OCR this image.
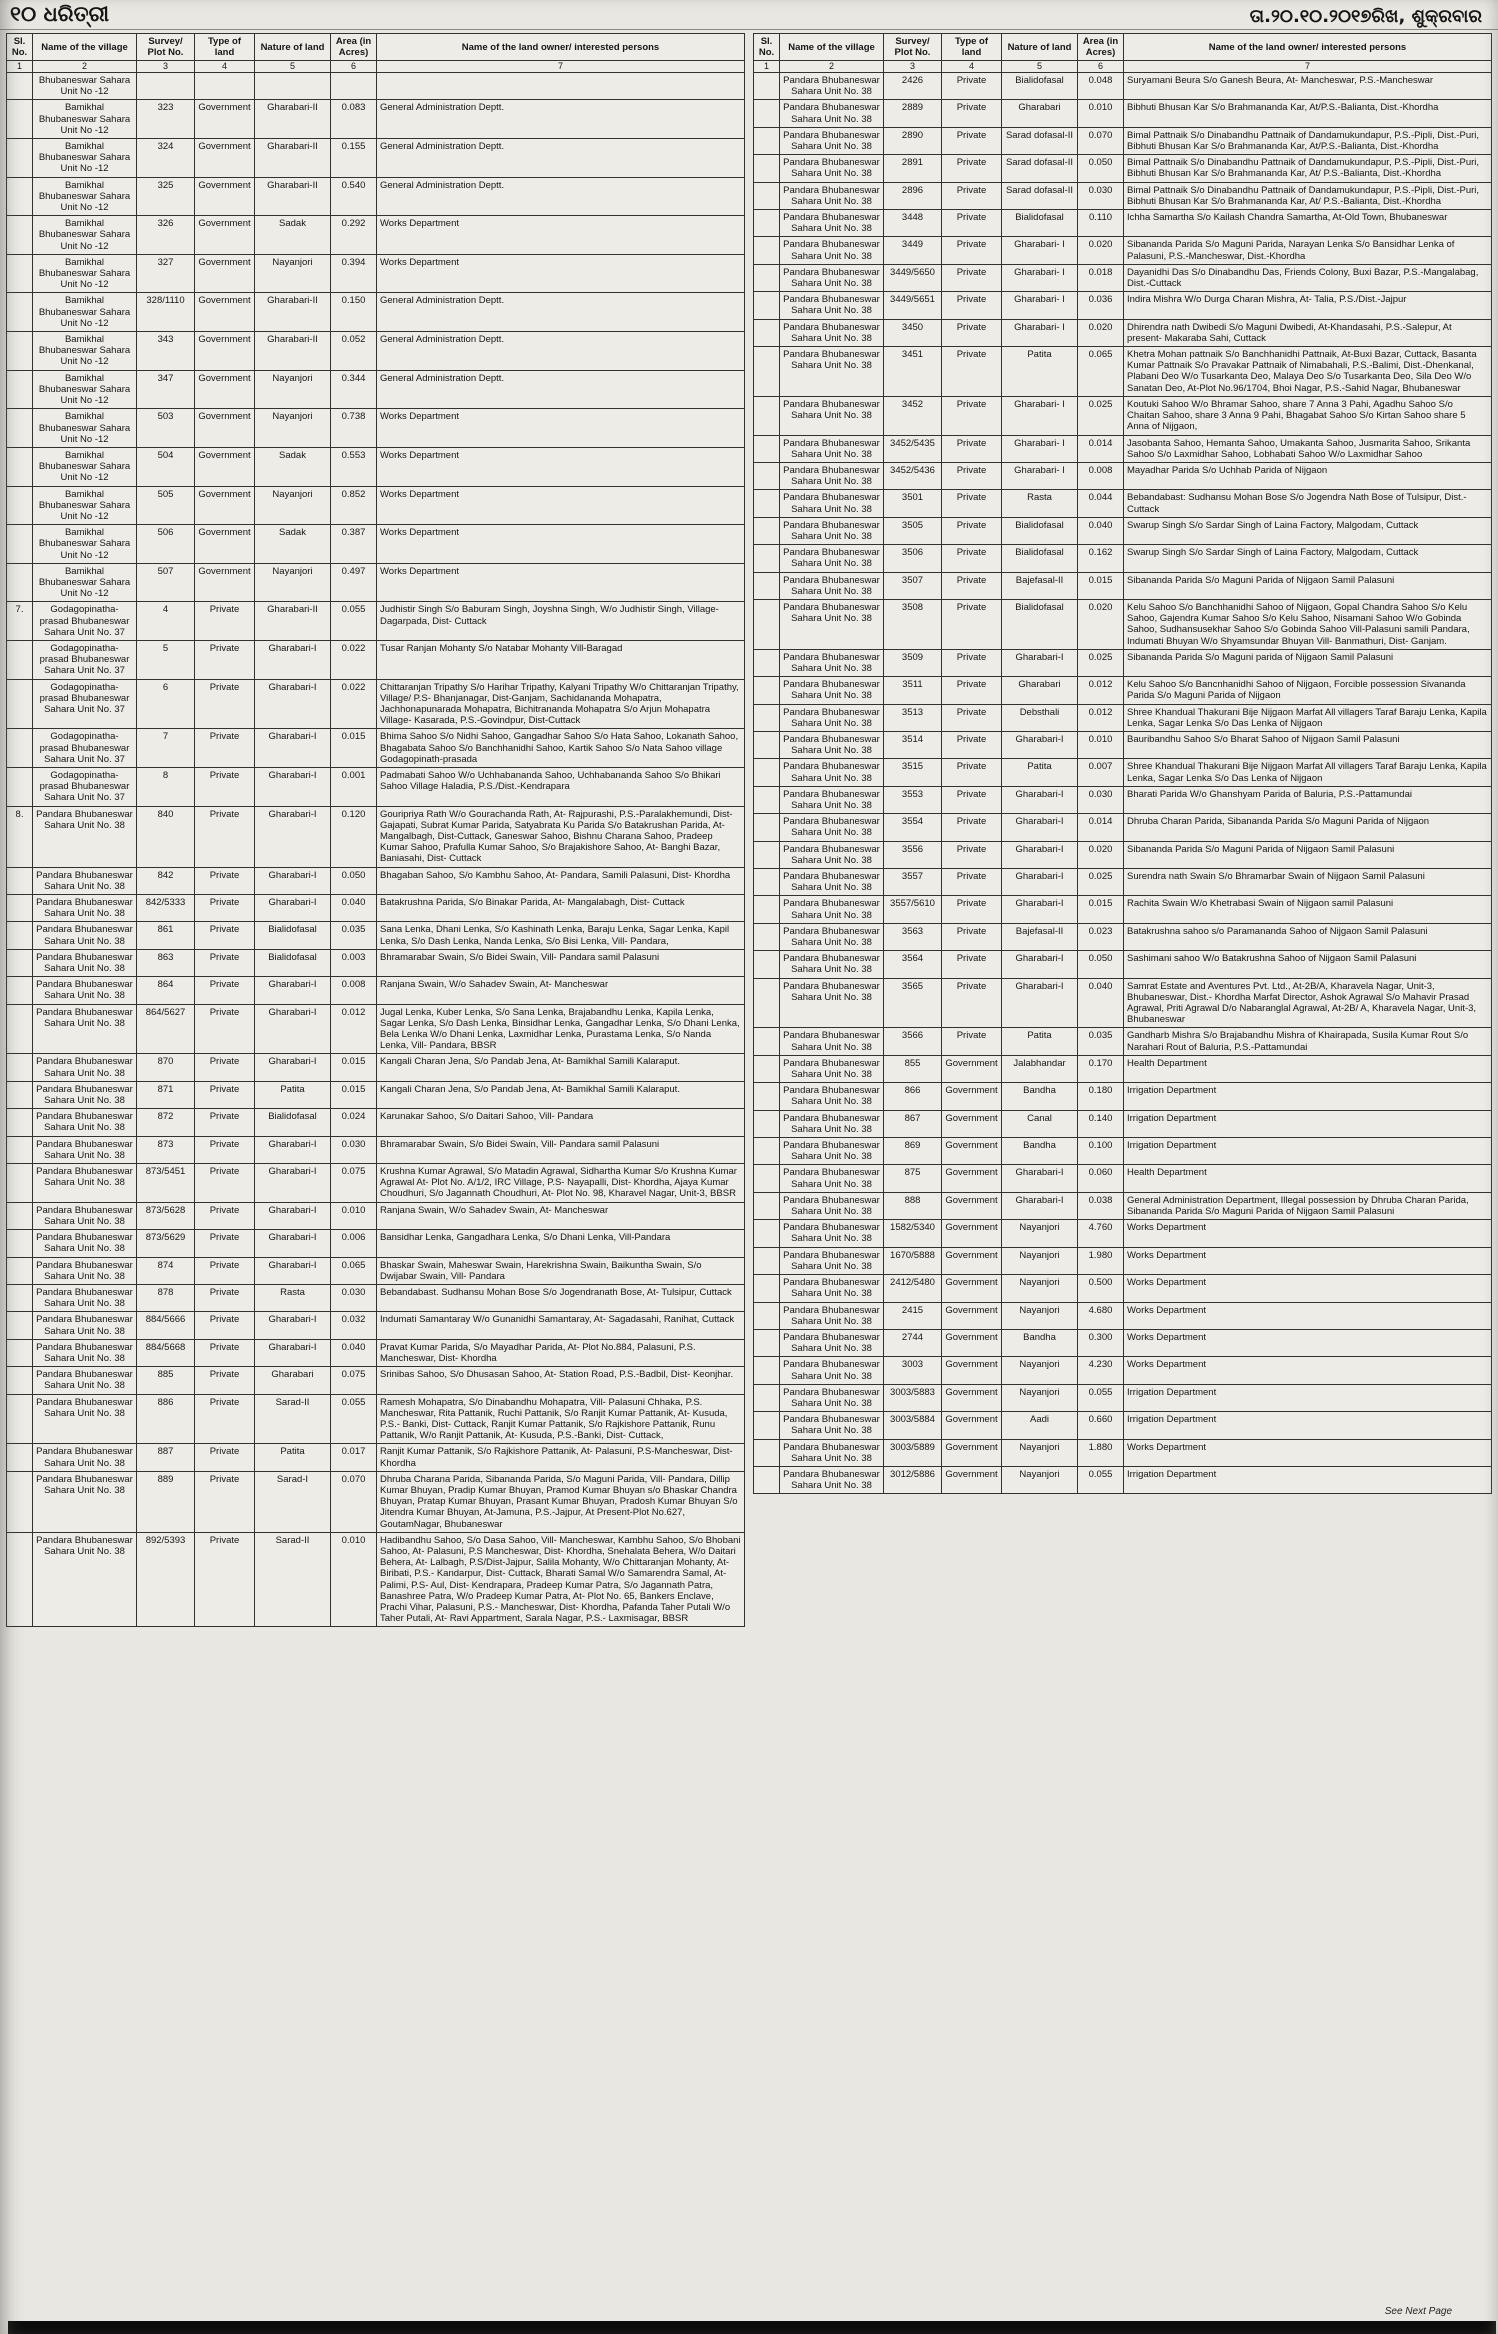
୧୦ ଧରିତ୍ରୀ	ତା.୨୦.୧୦.୨୦୧୭ରିଖ, ଶୁକ୍ରବାର
Sl. No.	Name of the village	Survey/ Plot No.	Type of land	Nature of land	Area (in Acres)	Name of the land owner/ interested persons
1	2	3	4	5	6	7
	Bhubaneswar Sahara Unit No -12					
	Bamikhal Bhubaneswar Sahara Unit No -12	323	Government	Gharabari-II	0.083	General Administration Deptt.
	Bamikhal Bhubaneswar Sahara Unit No -12	324	Government	Gharabari-II	0.155	General Administration Deptt.
	Bamikhal Bhubaneswar Sahara Unit No -12	325	Government	Gharabari-II	0.540	General Administration Deptt.
	Bamikhal Bhubaneswar Sahara Unit No -12	326	Government	Sadak	0.292	Works Department
	Bamikhal Bhubaneswar Sahara Unit No -12	327	Government	Nayanjori	0.394	Works Department
	Bamikhal Bhubaneswar Sahara Unit No -12	328/1110	Government	Gharabari-II	0.150	General Administration Deptt.
	Bamikhal Bhubaneswar Sahara Unit No -12	343	Government	Gharabari-II	0.052	General Administration Deptt.
	Bamikhal Bhubaneswar Sahara Unit No -12	347	Government	Nayanjori	0.344	General Administration Deptt.
	Bamikhal Bhubaneswar Sahara Unit No -12	503	Government	Nayanjori	0.738	Works Department
	Bamikhal Bhubaneswar Sahara Unit No -12	504	Government	Sadak	0.553	Works Department
	Bamikhal Bhubaneswar Sahara Unit No -12	505	Government	Nayanjori	0.852	Works Department
	Bamikhal Bhubaneswar Sahara Unit No -12	506	Government	Sadak	0.387	Works Department
	Bamikhal Bhubaneswar Sahara Unit No -12	507	Government	Nayanjori	0.497	Works Department
7.	Godagopinatha-prasad Bhubaneswar Sahara Unit No. 37	4	Private	Gharabari-II	0.055	Judhistir Singh S/o Baburam Singh, Joyshna Singh, W/o Judhistir Singh, Village-Dagarpada, Dist- Cuttack
	Godagopinatha-prasad Bhubaneswar Sahara Unit No. 37	5	Private	Gharabari-I	0.022	Tusar Ranjan Mohanty S/o Natabar Mohanty Vill-Baragad
	Godagopinatha-prasad Bhubaneswar Sahara Unit No. 37	6	Private	Gharabari-I	0.022	Chittaranjan Tripathy S/o Harihar Tripathy, Kalyani Tripathy W/o Chittaranjan Tripathy, Village/ P.S- Bhanjanagar, Dist-Ganjam, Sachidananda Mohapatra, Jachhonapunarada Mohapatra, Bichitrananda Mohapatra S/o Arjun Mohapatra Village- Kasarada, P.S.-Govindpur, Dist-Cuttack
	Godagopinatha-prasad Bhubaneswar Sahara Unit No. 37	7	Private	Gharabari-I	0.015	Bhima Sahoo S/o Nidhi Sahoo, Gangadhar Sahoo S/o Hata Sahoo, Lokanath Sahoo, Bhagabata Sahoo S/o Banchhanidhi Sahoo, Kartik Sahoo S/o Nata Sahoo village Godagopinath-prasada
	Godagopinatha-prasad Bhubaneswar Sahara Unit No. 37	8	Private	Gharabari-I	0.001	Padmabati Sahoo W/o Uchhabananda Sahoo, Uchhabananda Sahoo S/o Bhikari Sahoo Village Haladia, P.S./Dist.-Kendrapara
8.	Pandara Bhubaneswar Sahara Unit No. 38	840	Private	Gharabari-I	0.120	Gouripriya Rath W/o Gourachanda Rath, At- Rajpurashi, P.S.-Paralakhemundi, Dist- Gajapati, Subrat Kumar Parida, Satyabrata Ku Parida S/o Batakrushan Parida, At- Mangalbagh, Dist-Cuttack, Ganeswar Sahoo, Bishnu Charana Sahoo, Pradeep Kumar Sahoo, Prafulla Kumar Sahoo, S/o Brajakishore Sahoo, At- Banghi Bazar, Baniasahi, Dist- Cuttack
	Pandara Bhubaneswar Sahara Unit No. 38	842	Private	Gharabari-I	0.050	Bhagaban Sahoo, S/o Kambhu Sahoo, At- Pandara, Samili Palasuni, Dist- Khordha
	Pandara Bhubaneswar Sahara Unit No. 38	842/5333	Private	Gharabari-I	0.040	Batakrushna Parida, S/o Binakar Parida, At- Mangalabagh, Dist- Cuttack
	Pandara Bhubaneswar Sahara Unit No. 38	861	Private	Bialidofasal	0.035	Sana Lenka, Dhani Lenka, S/o Kashinath Lenka, Baraju Lenka, Sagar Lenka, Kapil Lenka, S/o Dash Lenka, Nanda Lenka, S/o Bisi Lenka, Vill- Pandara,
	Pandara Bhubaneswar Sahara Unit No. 38	863	Private	Bialidofasal	0.003	Bhramarabar Swain, S/o Bidei Swain, Vill- Pandara samil Palasuni
	Pandara Bhubaneswar Sahara Unit No. 38	864	Private	Gharabari-I	0.008	Ranjana Swain, W/o Sahadev Swain, At- Mancheswar
	Pandara Bhubaneswar Sahara Unit No. 38	864/5627	Private	Gharabari-I	0.012	Jugal Lenka, Kuber Lenka, S/o Sana Lenka, Brajabandhu Lenka, Kapila Lenka, Sagar Lenka, S/o Dash Lenka, Binsidhar Lenka, Gangadhar Lenka, S/o Dhani Lenka, Bela Lenka W/o Dhani Lenka, Laxmidhar Lenka, Purastama Lenka, S/o Nanda Lenka, Vill- Pandara, BBSR
	Pandara Bhubaneswar Sahara Unit No. 38	870	Private	Gharabari-I	0.015	Kangali Charan Jena, S/o Pandab Jena, At- Bamikhal Samili Kalaraput.
	Pandara Bhubaneswar Sahara Unit No. 38	871	Private	Patita	0.015	Kangali Charan Jena, S/o Pandab Jena, At- Bamikhal Samili Kalaraput.
	Pandara Bhubaneswar Sahara Unit No. 38	872	Private	Bialidofasal	0.024	Karunakar Sahoo, S/o Daitari Sahoo, Vill- Pandara
	Pandara Bhubaneswar Sahara Unit No. 38	873	Private	Gharabari-I	0.030	Bhramarabar Swain, S/o Bidei Swain, Vill- Pandara samil Palasuni
	Pandara Bhubaneswar Sahara Unit No. 38	873/5451	Private	Gharabari-I	0.075	Krushna Kumar Agrawal, S/o Matadin Agrawal, Sidhartha Kumar S/o Krushna Kumar Agrawal At- Plot No. A/1/2, IRC Village, P.S- Nayapalli, Dist- Khordha, Ajaya Kumar Choudhuri, S/o Jagannath Choudhuri, At- Plot No. 98, Kharavel Nagar, Unit-3, BBSR
	Pandara Bhubaneswar Sahara Unit No. 38	873/5628	Private	Gharabari-I	0.010	Ranjana Swain, W/o Sahadev Swain, At- Mancheswar
	Pandara Bhubaneswar Sahara Unit No. 38	873/5629	Private	Gharabari-I	0.006	Bansidhar Lenka, Gangadhara Lenka, S/o Dhani Lenka, Vill-Pandara
	Pandara Bhubaneswar Sahara Unit No. 38	874	Private	Gharabari-I	0.065	Bhaskar Swain, Maheswar Swain, Harekrishna Swain, Baikuntha Swain, S/o Dwijabar Swain, Vill- Pandara
	Pandara Bhubaneswar Sahara Unit No. 38	878	Private	Rasta	0.030	Bebandabast. Sudhansu Mohan Bose S/o Jogendranath Bose, At- Tulsipur, Cuttack
	Pandara Bhubaneswar Sahara Unit No. 38	884/5666	Private	Gharabari-I	0.032	Indumati Samantaray W/o Gunanidhi Samantaray, At- Sagadasahi, Ranihat, Cuttack
	Pandara Bhubaneswar Sahara Unit No. 38	884/5668	Private	Gharabari-I	0.040	Pravat Kumar Parida, S/o Mayadhar Parida, At- Plot No.884, Palasuni, P.S. Mancheswar, Dist- Khordha
	Pandara Bhubaneswar Sahara Unit No. 38	885	Private	Gharabari	0.075	Srinibas Sahoo, S/o Dhusasan Sahoo, At- Station Road, P.S.-Badbil, Dist- Keonjhar.
	Pandara Bhubaneswar Sahara Unit No. 38	886	Private	Sarad-II	0.055	Ramesh Mohapatra, S/o Dinabandhu Mohapatra, Vill- Palasuni Chhaka, P.S. Mancheswar, Rita Pattanik, Ruchi Pattanik, S/o Ranjit Kumar Pattanik, At- Kusuda, P.S.- Banki, Dist- Cuttack, Ranjit Kumar Pattanik, S/o Rajkishore Pattanik, Runu Pattanik, W/o Ranjit Pattanik, At- Kusuda, P.S.-Banki, Dist- Cuttack,
	Pandara Bhubaneswar Sahara Unit No. 38	887	Private	Patita	0.017	Ranjit Kumar Pattanik, S/o Rajkishore Pattanik, At- Palasuni, P.S-Mancheswar, Dist- Khordha
	Pandara Bhubaneswar Sahara Unit No. 38	889	Private	Sarad-I	0.070	Dhruba Charana Parida, Sibananda Parida, S/o Maguni Parida, Vill- Pandara, Dillip Kumar Bhuyan, Pradip Kumar Bhuyan, Pramod Kumar Bhuyan s/o Bhaskar Chandra Bhuyan, Pratap Kumar Bhuyan, Prasant Kumar Bhuyan, Pradosh Kumar Bhuyan S/o Jitendra Kumar Bhuyan, At-Jamuna, P.S.-Jajpur, At Present-Plot No.627, GoutamNagar, Bhubaneswar
	Pandara Bhubaneswar Sahara Unit No. 38	892/5393	Private	Sarad-II	0.010	Hadibandhu Sahoo, S/o Dasa Sahoo, Vill- Mancheswar, Kambhu Sahoo, S/o Bhobani Sahoo, At- Palasuni, P.S Mancheswar, Dist- Khordha, Snehalata Behera, W/o Daitari Behera, At- Lalbagh, P.S/Dist-Jajpur, Salila Mohanty, W/o Chittaranjan Mohanty, At- Biribati, P.S.- Kandarpur, Dist- Cuttack, Bharati Samal W/o Samarendra Samal, At- Palimi, P.S- Aul, Dist- Kendrapara, Pradeep Kumar Patra, S/o Jagannath Patra, Banashree Patra, W/o Pradeep Kumar Patra, At- Plot No. 65, Bankers Enclave, Prachi Vihar, Palasuni, P.S.- Mancheswar, Dist- Khordha, Pafanda Taher Putali W/o Taher Putali, At- Ravi Appartment, Sarala Nagar, P.S.- Laxmisagar, BBSR
Sl. No.	Name of the village	Survey/ Plot No.	Type of land	Nature of land	Area (in Acres)	Name of the land owner/ interested persons
1	2	3	4	5	6	7
	Pandara Bhubaneswar Sahara Unit No. 38	2426	Private	Bialidofasal	0.048	Suryamani Beura S/o Ganesh Beura, At- Mancheswar, P.S.-Mancheswar
	Pandara Bhubaneswar Sahara Unit No. 38	2889	Private	Gharabari	0.010	Bibhuti Bhusan Kar S/o Brahmananda Kar, At/P.S.-Balianta, Dist.-Khordha
	Pandara Bhubaneswar Sahara Unit No. 38	2890	Private	Sarad dofasal-II	0.070	Bimal Pattnaik S/o Dinabandhu Pattnaik of Dandamukundapur, P.S.-Pipli, Dist.-Puri, Bibhuti Bhusan Kar S/o Brahmananda Kar, At/P.S.-Balianta, Dist.-Khordha
	Pandara Bhubaneswar Sahara Unit No. 38	2891	Private	Sarad dofasal-II	0.050	Bimal Pattnaik S/o Dinabandhu Pattnaik of Dandamukundapur, P.S.-Pipli, Dist.-Puri, Bibhuti Bhusan Kar S/o Brahmananda Kar, At/ P.S.-Balianta, Dist.-Khordha
	Pandara Bhubaneswar Sahara Unit No. 38	2896	Private	Sarad dofasal-II	0.030	Bimal Pattnaik S/o Dinabandhu Pattnaik of Dandamukundapur, P.S.-Pipli, Dist.-Puri, Bibhuti Bhusan Kar S/o Brahmananda Kar, At/ P.S.-Balianta, Dist.-Khordha
	Pandara Bhubaneswar Sahara Unit No. 38	3448	Private	Bialidofasal	0.110	Ichha Samartha S/o Kailash Chandra Samartha, At-Old Town, Bhubaneswar
	Pandara Bhubaneswar Sahara Unit No. 38	3449	Private	Gharabari- I	0.020	Sibananda Parida S/o Maguni Parida, Narayan Lenka S/o Bansidhar Lenka of Palasuni, P.S.-Mancheswar, Dist.-Khordha
	Pandara Bhubaneswar Sahara Unit No. 38	3449/5650	Private	Gharabari- I	0.018	Dayanidhi Das S/o Dinabandhu Das, Friends Colony, Buxi Bazar, P.S.-Mangalabag, Dist.-Cuttack
	Pandara Bhubaneswar Sahara Unit No. 38	3449/5651	Private	Gharabari- I	0.036	Indira Mishra W/o Durga Charan Mishra, At- Talia, P.S./Dist.-Jajpur
	Pandara Bhubaneswar Sahara Unit No. 38	3450	Private	Gharabari- I	0.020	Dhirendra nath Dwibedi S/o Maguni Dwibedi, At-Khandasahi, P.S.-Salepur, At present- Makaraba Sahi, Cuttack
	Pandara Bhubaneswar Sahara Unit No. 38	3451	Private	Patita	0.065	Khetra Mohan pattnaik S/o Banchhanidhi Pattnaik, At-Buxi Bazar, Cuttack, Basanta Kumar Pattnaik S/o Pravakar Pattnaik of Nimabahali, P.S.-Balimi, Dist.-Dhenkanal, Plabani Deo W/o Tusarkanta Deo, Malaya Deo S/o Tusarkanta Deo, Sila Deo W/o Sanatan Deo, At-Plot No.96/1704, Bhoi Nagar, P.S.-Sahid Nagar, Bhubaneswar
	Pandara Bhubaneswar Sahara Unit No. 38	3452	Private	Gharabari- I	0.025	Koutuki Sahoo W/o Bhramar Sahoo, share 7 Anna 3 Pahi, Agadhu Sahoo S/o Chaitan Sahoo, share 3 Anna 9 Pahi, Bhagabat Sahoo S/o Kirtan Sahoo share 5 Anna of Nijgaon,
	Pandara Bhubaneswar Sahara Unit No. 38	3452/5435	Private	Gharabari- I	0.014	Jasobanta Sahoo, Hemanta Sahoo, Umakanta Sahoo, Jusmarita Sahoo, Srikanta Sahoo S/o Laxmidhar Sahoo, Lobhabati Sahoo W/o Laxmidhar Sahoo
	Pandara Bhubaneswar Sahara Unit No. 38	3452/5436	Private	Gharabari- I	0.008	Mayadhar Parida S/o Uchhab Parida of Nijgaon
	Pandara Bhubaneswar Sahara Unit No. 38	3501	Private	Rasta	0.044	Bebandabast: Sudhansu Mohan Bose S/o Jogendra Nath Bose of Tulsipur, Dist.-Cuttack
	Pandara Bhubaneswar Sahara Unit No. 38	3505	Private	Bialidofasal	0.040	Swarup Singh S/o Sardar Singh of Laina Factory, Malgodam, Cuttack
	Pandara Bhubaneswar Sahara Unit No. 38	3506	Private	Bialidofasal	0.162	Swarup Singh S/o Sardar Singh of Laina Factory, Malgodam, Cuttack
	Pandara Bhubaneswar Sahara Unit No. 38	3507	Private	Bajefasal-II	0.015	Sibananda Parida S/o Maguni Parida of Nijgaon Samil Palasuni
	Pandara Bhubaneswar Sahara Unit No. 38	3508	Private	Bialidofasal	0.020	Kelu Sahoo S/o Banchhanidhi Sahoo of Nijgaon, Gopal Chandra Sahoo S/o Kelu Sahoo, Gajendra Kumar Sahoo S/o Kelu Sahoo, Nisamani Sahoo W/o Gobinda Sahoo, Sudhansusekhar Sahoo S/o Gobinda Sahoo Vill-Palasuni samili Pandara, Indumati Bhuyan W/o Shyamsundar Bhuyan Vill- Banmathuri, Dist- Ganjam.
	Pandara Bhubaneswar Sahara Unit No. 38	3509	Private	Gharabari-I	0.025	Sibananda Parida S/o Maguni parida of Nijgaon Samil Palasuni
	Pandara Bhubaneswar Sahara Unit No. 38	3511	Private	Gharabari	0.012	Kelu Sahoo S/o Bancnhanidhi Sahoo of Nijgaon, Forcible possession Sivananda Parida S/o Maguni Parida of Nijgaon
	Pandara Bhubaneswar Sahara Unit No. 38	3513	Private	Debsthali	0.012	Shree Khandual Thakurani Bije Nijgaon Marfat All villagers Taraf Baraju Lenka, Kapila Lenka, Sagar Lenka S/o Das Lenka of Nijgaon
	Pandara Bhubaneswar Sahara Unit No. 38	3514	Private	Gharabari-I	0.010	Bauribandhu Sahoo S/o Bharat Sahoo of Nijgaon Samil Palasuni
	Pandara Bhubaneswar Sahara Unit No. 38	3515	Private	Patita	0.007	Shree Khandual Thakurani Bije Nijgaon Marfat All villagers Taraf Baraju Lenka, Kapila Lenka, Sagar Lenka S/o Das Lenka of Nijgaon
	Pandara Bhubaneswar Sahara Unit No. 38	3553	Private	Gharabari-I	0.030	Bharati Parida W/o Ghanshyam Parida of Baluria, P.S.-Pattamundai
	Pandara Bhubaneswar Sahara Unit No. 38	3554	Private	Gharabari-I	0.014	Dhruba Charan Parida, Sibananda Parida S/o Maguni Parida of Nijgaon
	Pandara Bhubaneswar Sahara Unit No. 38	3556	Private	Gharabari-I	0.020	Sibananda Parida S/o Maguni Parida of Nijgaon Samil Palasuni
	Pandara Bhubaneswar Sahara Unit No. 38	3557	Private	Gharabari-I	0.025	Surendra nath Swain S/o Bhramarbar Swain of Nijgaon Samil Palasuni
	Pandara Bhubaneswar Sahara Unit No. 38	3557/5610	Private	Gharabari-I	0.015	Rachita Swain W/o Khetrabasi Swain of Nijgaon samil Palasuni
	Pandara Bhubaneswar Sahara Unit No. 38	3563	Private	Bajefasal-II	0.023	Batakrushna sahoo s/o Paramananda Sahoo of Nijgaon Samil Palasuni
	Pandara Bhubaneswar Sahara Unit No. 38	3564	Private	Gharabari-I	0.050	Sashimani sahoo W/o Batakrushna Sahoo of Nijgaon Samil Palasuni
	Pandara Bhubaneswar Sahara Unit No. 38	3565	Private	Gharabari-I	0.040	Samrat Estate and Aventures Pvt. Ltd., At-2B/A, Kharavela Nagar, Unit-3, Bhubaneswar, Dist.- Khordha Marfat Director, Ashok Agrawal S/o Mahavir Prasad Agrawal, Priti Agrawal D/o Nabaranglal Agrawal, At-2B/ A, Kharavela Nagar, Unit-3, Bhubaneswar
	Pandara Bhubaneswar Sahara Unit No. 38	3566	Private	Patita	0.035	Gandharb Mishra S/o Brajabandhu Mishra of Khairapada, Susila Kumar Rout S/o Narahari Rout of Baluria, P.S.-Pattamundai
	Pandara Bhubaneswar Sahara Unit No. 38	855	Government	Jalabhandar	0.170	Health Department
	Pandara Bhubaneswar Sahara Unit No. 38	866	Government	Bandha	0.180	Irrigation Department
	Pandara Bhubaneswar Sahara Unit No. 38	867	Government	Canal	0.140	Irrigation Department
	Pandara Bhubaneswar Sahara Unit No. 38	869	Government	Bandha	0.100	Irrigation Department
	Pandara Bhubaneswar Sahara Unit No. 38	875	Government	Gharabari-I	0.060	Health Department
	Pandara Bhubaneswar Sahara Unit No. 38	888	Government	Gharabari-I	0.038	General Administration Department, Illegal possession by Dhruba Charan Parida, Sibananda Parida S/o Maguni Parida of Nijgaon Samil Palasuni
	Pandara Bhubaneswar Sahara Unit No. 38	1582/5340	Government	Nayanjori	4.760	Works Department
	Pandara Bhubaneswar Sahara Unit No. 38	1670/5888	Government	Nayanjori	1.980	Works Department
	Pandara Bhubaneswar Sahara Unit No. 38	2412/5480	Government	Nayanjori	0.500	Works Department
	Pandara Bhubaneswar Sahara Unit No. 38	2415	Government	Nayanjori	4.680	Works Department
	Pandara Bhubaneswar Sahara Unit No. 38	2744	Government	Bandha	0.300	Works Department
	Pandara Bhubaneswar Sahara Unit No. 38	3003	Government	Nayanjori	4.230	Works Department
	Pandara Bhubaneswar Sahara Unit No. 38	3003/5883	Government	Nayanjori	0.055	Irrigation Department
	Pandara Bhubaneswar Sahara Unit No. 38	3003/5884	Government	Aadi	0.660	Irrigation Department
	Pandara Bhubaneswar Sahara Unit No. 38	3003/5889	Government	Nayanjori	1.880	Works Department
	Pandara Bhubaneswar Sahara Unit No. 38	3012/5886	Government	Nayanjori	0.055	Irrigation Department
See Next Page
